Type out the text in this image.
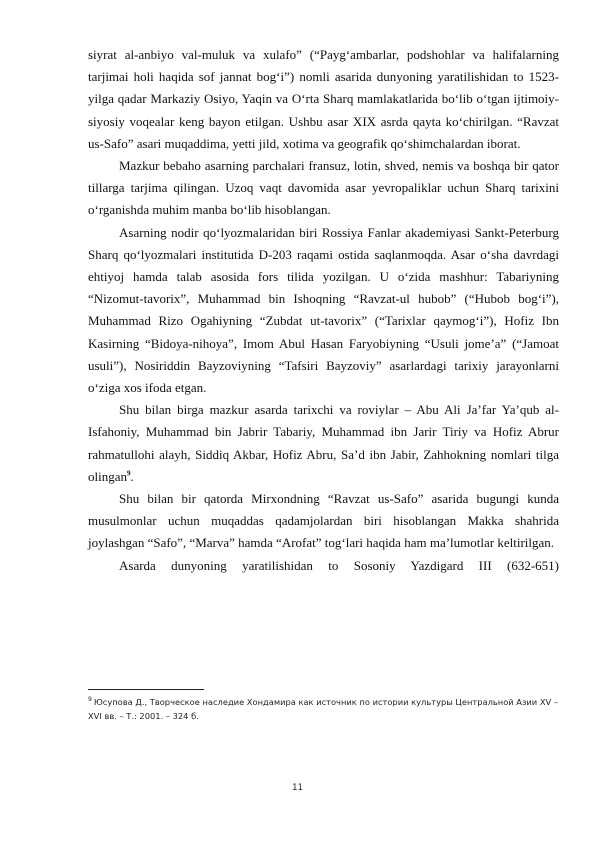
siyrat al-anbiyo val-muluk va xulafo” (“Payg‘ambarlar, podshohlar va halifalarning tarjimai holi haqida sof jannat bog‘i”) nomli asarida dunyoning yaratilishidan to 1523-yilga qadar Markaziy Osiyo, Yaqin va O‘rta Sharq mamlakatlarida bo‘lib o‘tgan ijtimoiy-siyosiy voqealar keng bayon etilgan. Ushbu asar XIX asrda qayta ko‘chirilgan. “Ravzat us-Safo” asari muqaddima, yetti jild, xotima va geografik qo‘shimchalardan iborat.

Mazkur bebaho asarning parchalari fransuz, lotin, shved, nemis va boshqa bir qator tillarga tarjima qilingan. Uzoq vaqt davomida asar yevropaliklar uchun Sharq tarixini o‘rganishda muhim manba bo‘lib hisoblangan.

Asarning nodir qo‘lyozmalaridan biri Rossiya Fanlar akademiyasi Sankt-Peterburg Sharq qo‘lyozmalari institutida D-203 raqami ostida saqlanmoqda. Asar o‘sha davrdagi ehtiyoj hamda talab asosida fors tilida yozilgan. U o‘zida mashhur: Tabariyning “Nizomut-tavorix”, Muhammad bin Ishoqning “Ravzat-ul hubob” (“Hubob bog‘i”), Muhammad Rizo Ogahiyning “Zubdat ut-tavorix” (“Tarixlar qaymog‘i”), Hofiz Ibn Kasirning “Bidoya-nihoya”, Imom Abul Hasan Faryobiyning “Usuli jome’a” (“Jamoat usuli”), Nosiriddin Bayzoviyning “Tafsiri Bayzoviy” asarlardagi tarixiy jarayonlarni o‘ziga xos ifoda etgan.

Shu bilan birga mazkur asarda tarixchi va roviylar – Abu Ali Ja’far Ya’qub al-Isfahoniy, Muhammad bin Jabrir Tabariy, Muhammad ibn Jarir Tiriy va Hofiz Abrur rahmatullohi alayh, Siddiq Akbar, Hofiz Abru, Sa’d ibn Jabir, Zahhokning nomlari tilga olingan$^9$.

Shu bilan bir qatorda Mirxondning “Ravzat us-Safo” asarida bugungi kunda musulmonlar uchun muqaddas qadamjolardan biri hisoblangan Makka shahrida joylashgan “Safo”, “Marva” hamda “Arofat” tog‘lari haqida ham ma’lumotlar keltirilgan.

Asarda dunyoning yaratilishidan to Sosoniy Yazdigard III (632-651)

$^9$ Юсупова Д., Творческое наследие Хондамира как источник по истории культуры Центральной Азии XV – XVI вв. – Т.: 2001. – 324 б.

11
